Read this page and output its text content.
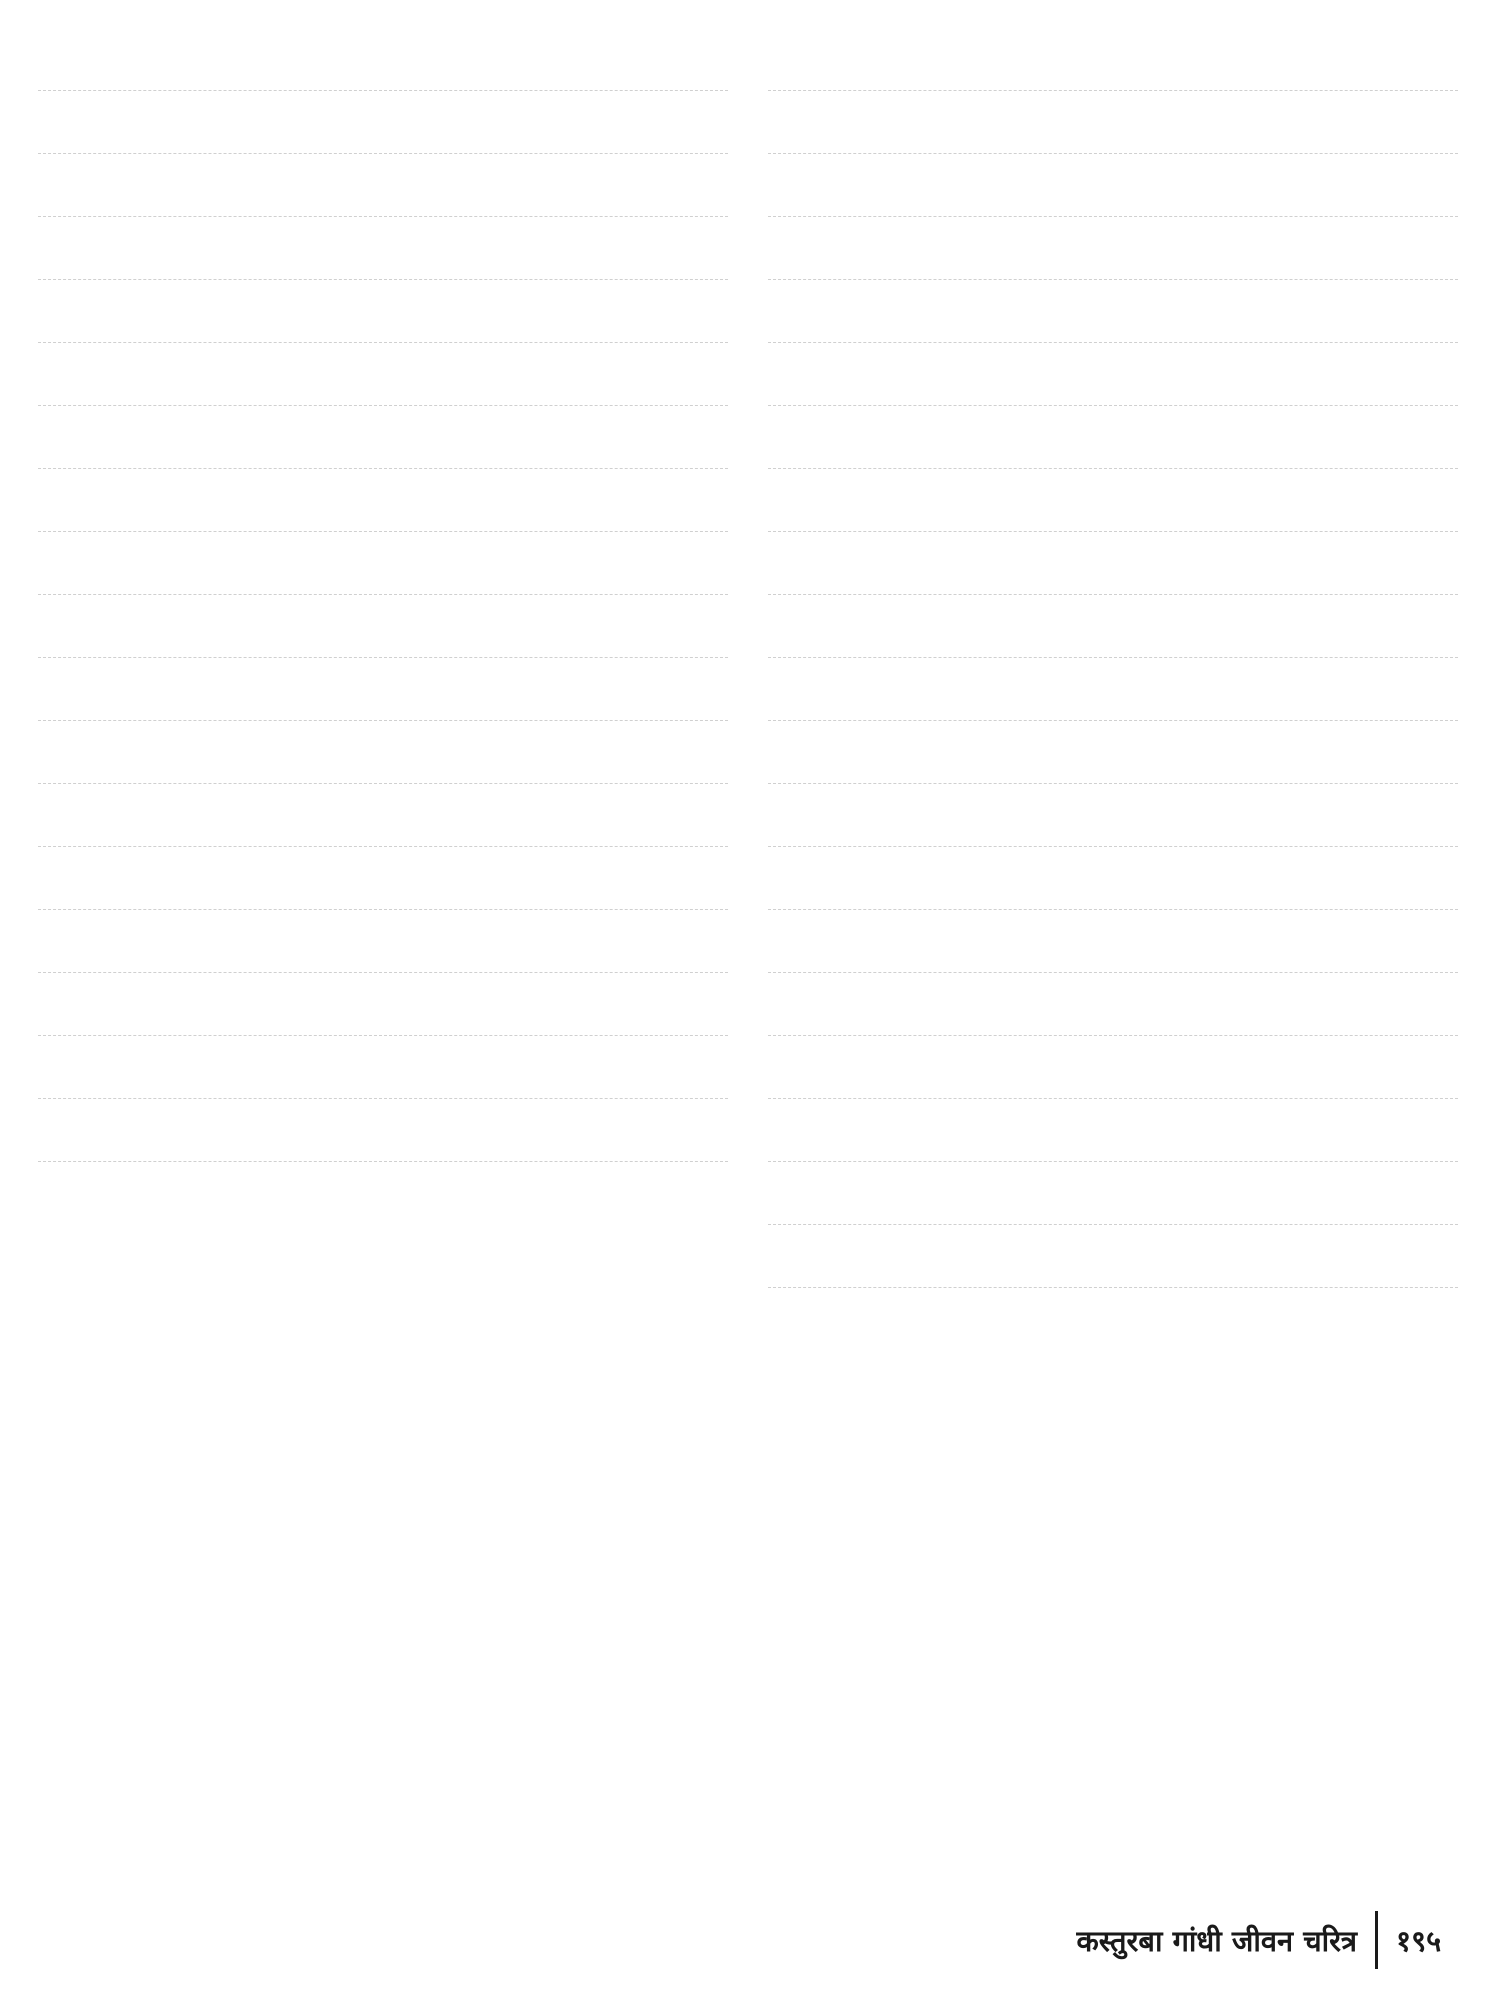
कस्तुरबा गांधी जीवन चरित्र १९५
